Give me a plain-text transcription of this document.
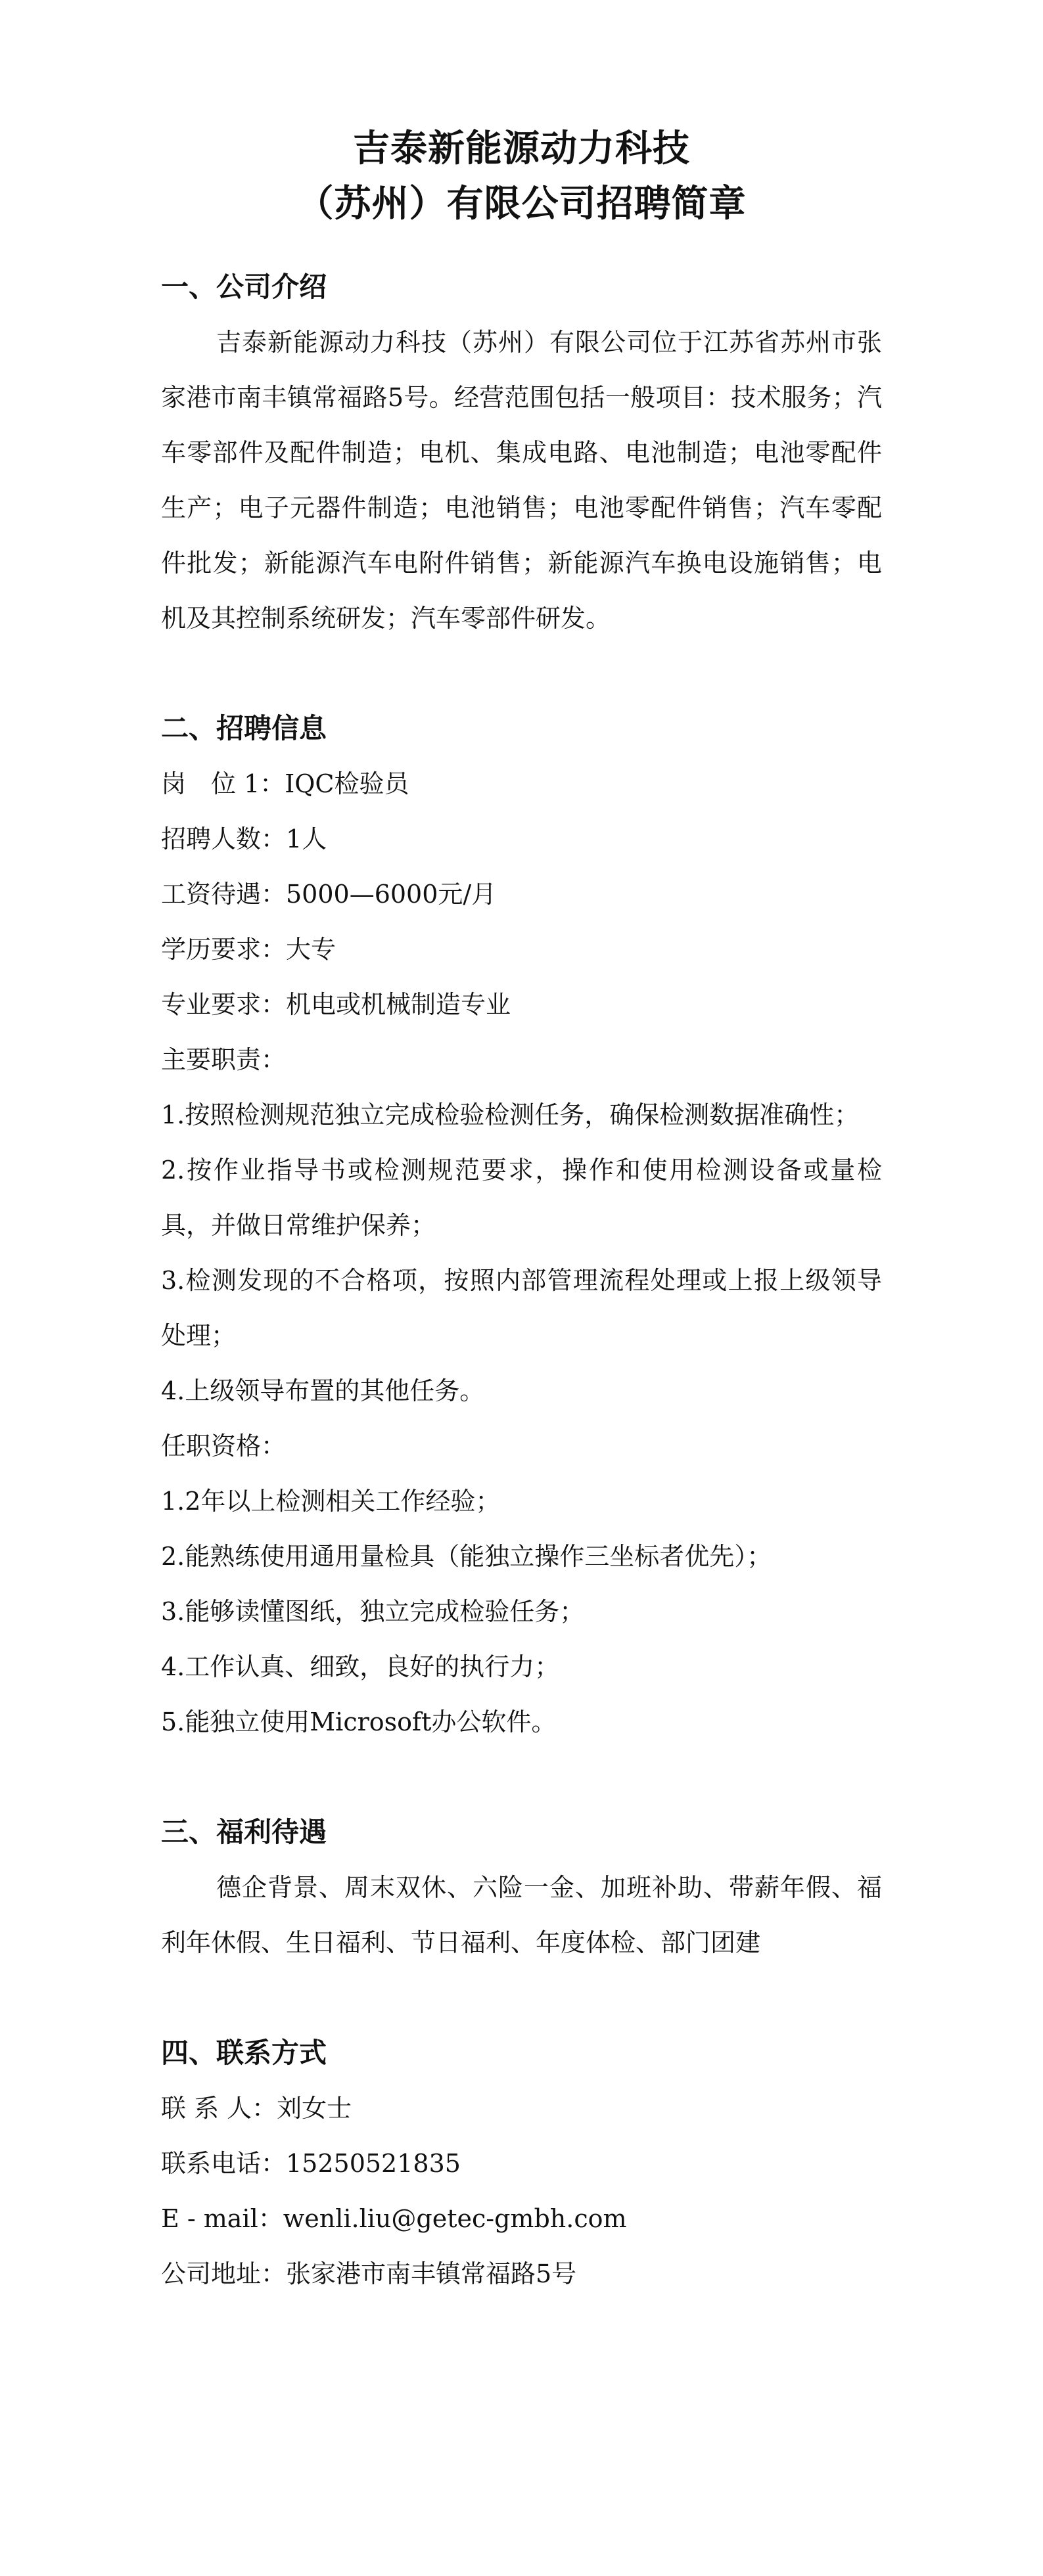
吉泰新能源动力科技
（苏州）有限公司招聘简章
一、公司介绍

吉泰新能源动力科技（苏州）有限公司位于江苏省苏州市张家港市南丰镇常福路5号。经营范围包括一般项目：技术服务；汽车零部件及配件制造；电机、集成电路、电池制造；电池零配件生产；电子元器件制造；电池销售；电池零配件销售；汽车零配件批发；新能源汽车电附件销售；新能源汽车换电设施销售；电机及其控制系统研发；汽车零部件研发。

二、招聘信息
岗　位 1：IQC检验员
招聘人数：1人
工资待遇：5000—6000元/月
学历要求：大专
专业要求：机电或机械制造专业
主要职责：

1.按照检测规范独立完成检验检测任务，确保检测数据准确性；

2.按作业指导书或检测规范要求，操作和使用检测设备或量检具，并做日常维护保养；

3.检测发现的不合格项，按照内部管理流程处理或上报上级领导处理；

4.上级领导布置的其他任务。

任职资格：

1.2年以上检测相关工作经验；

2.能熟练使用通用量检具（能独立操作三坐标者优先）；

3.能够读懂图纸，独立完成检验任务；

4.工作认真、细致，良好的执行力；

5.能独立使用Microsoft办公软件。

三、福利待遇

德企背景、周末双休、六险一金、加班补助、带薪年假、福利年休假、生日福利、节日福利、年度体检、部门团建

四、联系方式
联 系 人：刘女士
联系电话：15250521835
E - mail：wenli.liu@getec-gmbh.com
公司地址：张家港市南丰镇常福路5号
